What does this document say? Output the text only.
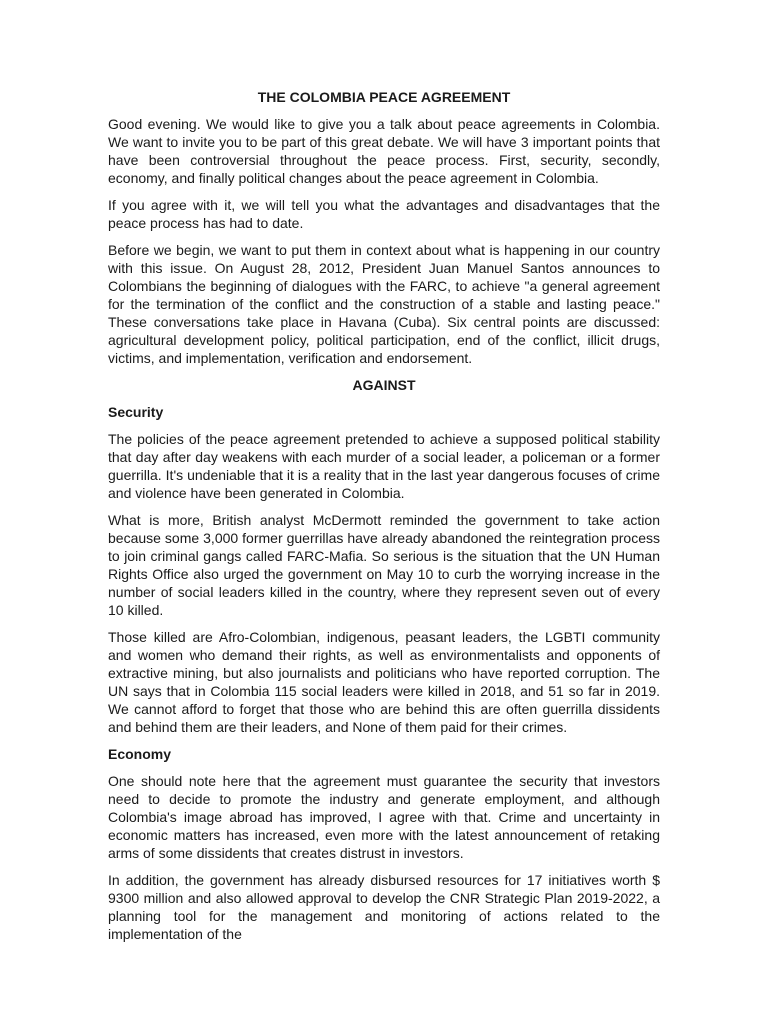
THE COLOMBIA PEACE AGREEMENT

Good evening. We would like to give you a talk about peace agreements in Colombia. We want to invite you to be part of this great debate. We will have 3 important points that have been controversial throughout the peace process. First, security, secondly, economy, and finally political changes about the peace agreement in Colombia.

If you agree with it, we will tell you what the advantages and disadvantages that the peace process has had to date.

Before we begin, we want to put them in context about what is happening in our country with this issue. On August 28, 2012, President Juan Manuel Santos announces to Colombians the beginning of dialogues with the FARC, to achieve "a general agreement for the termination of the conflict and the construction of a stable and lasting peace." These conversations take place in Havana (Cuba). Six central points are discussed: agricultural development policy, political participation, end of the conflict, illicit drugs, victims, and implementation, verification and endorsement.

AGAINST
Security

The policies of the peace agreement pretended to achieve a supposed political stability that day after day weakens with each murder of a social leader, a policeman or a former guerrilla. It's undeniable that it is a reality that in the last year dangerous focuses of crime and violence have been generated in Colombia.

What is more, British analyst McDermott reminded the government to take action because some 3,000 former guerrillas have already abandoned the reintegration process to join criminal gangs called FARC-Mafia. So serious is the situation that the UN Human Rights Office also urged the government on May 10 to curb the worrying increase in the number of social leaders killed in the country, where they represent seven out of every 10 killed.

Those killed are Afro-Colombian, indigenous, peasant leaders, the LGBTI community and women who demand their rights, as well as environmentalists and opponents of extractive mining, but also journalists and politicians who have reported corruption. The UN says that in Colombia 115 social leaders were killed in 2018, and 51 so far in 2019. We cannot afford to forget that those who are behind this are often guerrilla dissidents and behind them are their leaders, and None of them paid for their crimes.

Economy

One should note here that the agreement must guarantee the security that investors need to decide to promote the industry and generate employment, and although Colombia's image abroad has improved, I agree with that. Crime and uncertainty in economic matters has increased, even more with the latest announcement of retaking arms of some dissidents that creates distrust in investors.

In addition, the government has already disbursed resources for 17 initiatives worth $ 9300 million and also allowed approval to develop the CNR Strategic Plan 2019-2022, a planning tool for the management and monitoring of actions related to the implementation of the
